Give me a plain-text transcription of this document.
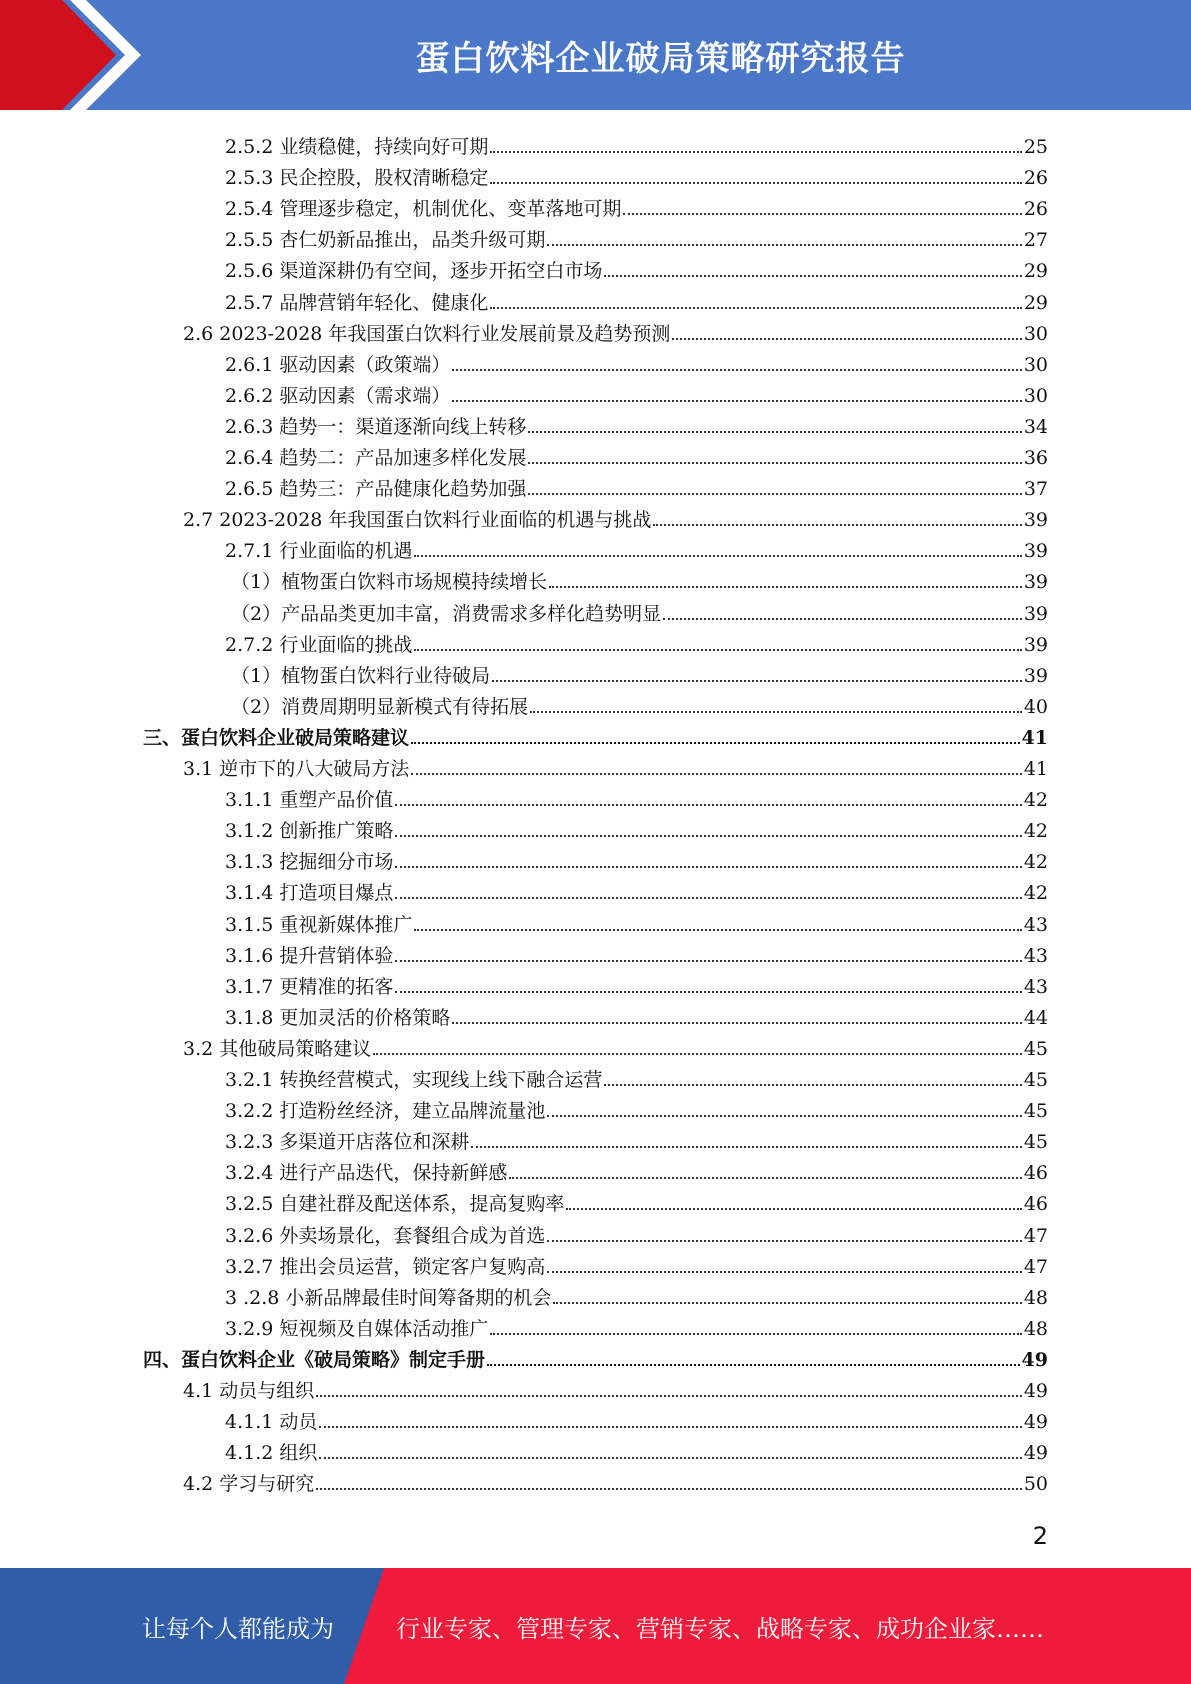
蛋白饮料企业破局策略研究报告
2.5.2 业绩稳健，持续向好可期	25
2.5.3 民企控股，股权清晰稳定	26
2.5.4 管理逐步稳定，机制优化、变革落地可期	26
2.5.5 杏仁奶新品推出，品类升级可期	27
2.5.6 渠道深耕仍有空间，逐步开拓空白市场	29
2.5.7 品牌营销年轻化、健康化	29
2.6 2023-2028 年我国蛋白饮料行业发展前景及趋势预测	30
2.6.1 驱动因素（政策端）	30
2.6.2 驱动因素（需求端）	30
2.6.3 趋势一：渠道逐渐向线上转移	34
2.6.4 趋势二：产品加速多样化发展	36
2.6.5 趋势三：产品健康化趋势加强	37
2.7 2023-2028 年我国蛋白饮料行业面临的机遇与挑战	39
2.7.1 行业面临的机遇	39
（1）植物蛋白饮料市场规模持续增长	39
（2）产品品类更加丰富，消费需求多样化趋势明显	39
2.7.2 行业面临的挑战	39
（1）植物蛋白饮料行业待破局	39
（2）消费周期明显新模式有待拓展	40
三、蛋白饮料企业破局策略建议	41
3.1 逆市下的八大破局方法	41
3.1.1 重塑产品价值	42
3.1.2 创新推广策略	42
3.1.3 挖掘细分市场	42
3.1.4 打造项目爆点	42
3.1.5 重视新媒体推广	43
3.1.6 提升营销体验	43
3.1.7 更精准的拓客	43
3.1.8 更加灵活的价格策略	44
3.2 其他破局策略建议	45
3.2.1 转换经营模式，实现线上线下融合运营	45
3.2.2 打造粉丝经济，建立品牌流量池	45
3.2.3 多渠道开店落位和深耕	45
3.2.4 进行产品迭代，保持新鲜感	46
3.2.5 自建社群及配送体系，提高复购率	46
3.2.6 外卖场景化，套餐组合成为首选	47
3.2.7 推出会员运营，锁定客户复购高	47
3 .2.8 小新品牌最佳时间筹备期的机会	48
3.2.9 短视频及自媒体活动推广	48
四、蛋白饮料企业《破局策略》制定手册	49
4.1 动员与组织	49
4.1.1 动员	49
4.1.2 组织	49
4.2 学习与研究	50
2
让每个人都能成为	行业专家、管理专家、营销专家、战略专家、成功企业家……
